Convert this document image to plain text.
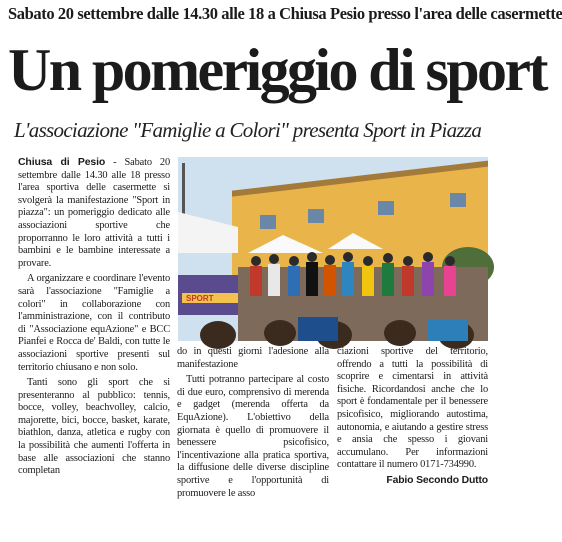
Sabato 20 settembre dalle 14.30 alle 18 a Chiusa Pesio presso l'area delle casermette
Un pomeriggio di sport
L'associazione "Famiglie a Colori" presenta Sport in Piazza
SPORT

Chiusa di Pesio - Sabato 20 settembre dalle 14.30 alle 18 presso l'area sportiva delle casermette si svolgerà la manifestazione "Sport in piazza": un pomeriggio dedicato alle associazioni sportive che proporranno le loro attività a tutti i bambini e le bambine interessate a provare.

A organizzare e coordinare l'evento sarà l'associazione "Famiglie a colori" in collaborazione con l'amministrazione, con il contributo di "Associazione equAzione" e BCC Pianfei e Rocca de' Baldi, con tutte le associazioni sportive presenti sul territorio chiusano e non solo.

Tanti sono gli sport che si presenteranno al pubblico: tennis, bocce, volley, beachvolley, calcio, majorette, bici, bocce, basket, karate, biathlon, danza, atletica e rugby con la possibilità che aumenti l'offerta in base alle associazioni che stanno completan

do in questi giorni l'adesione alla manifestazione

Tutti potranno partecipare al costo di due euro, comprensivo di merenda e gadget (merenda offerta da EquAzione). L'obiettivo della giornata è quello di promuovere il benessere psicofisico, l'incentivazione alla pratica sportiva, la diffusione delle diverse discipline sportive e l'opportunità di promuovere le asso

ciazioni sportive del territorio, offrendo a tutti la possibilità di scoprire e cimentarsi in attività fisiche. Ricordandosi anche che lo sport è fondamentale per il benessere psicofisico, migliorando autostima, autonomia, e aiutando a gestire stress e ansia che spesso i giovani accumulano. Per informazioni contattare il numero 0171-734990.

Fabio Secondo Dutto
